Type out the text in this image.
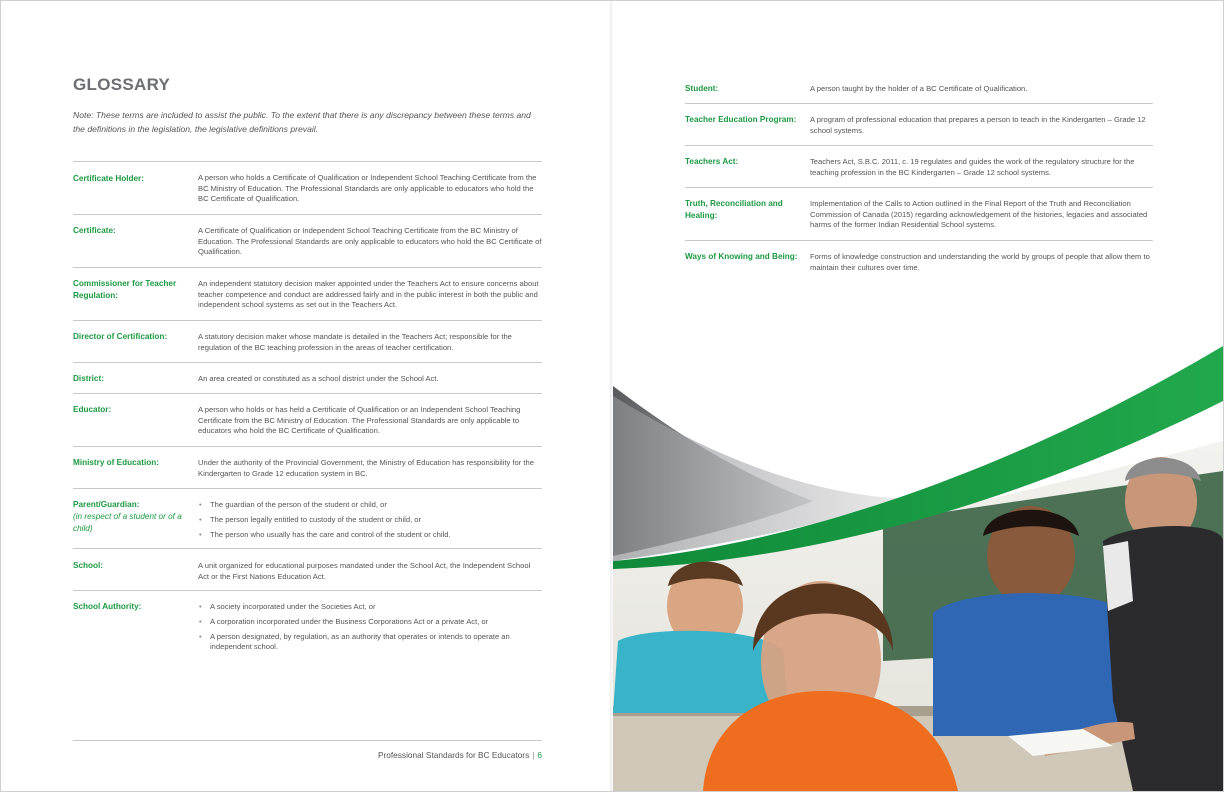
GLOSSARY
Note: These terms are included to assist the public. To the extent that there is any discrepancy between these terms and the definitions in the legislation, the legislative definitions prevail.
Certificate Holder:	A person who holds a Certificate of Qualification or Independent School Teaching Certificate from the BC Ministry of Education. The Professional Standards are only applicable to educators who hold the BC Certificate of Qualification.
Certificate:	A Certificate of Qualification or Independent School Teaching Certificate from the BC Ministry of Education. The Professional Standards are only applicable to educators who hold the BC Certificate of Qualification.
Commissioner for Teacher Regulation:
An independent statutory decision maker appointed under the Teachers Act to ensure concerns about teacher competence and conduct are addressed fairly and in the public interest in both the public and independent school systems as set out in the Teachers Act.
Director of Certification:	A statutory decision maker whose mandate is detailed in the Teachers Act; responsible for the regulation of the BC teaching profession in the areas of teacher certification.
District:	An area created or constituted as a school district under the School Act.
Educator:	A person who holds or has held a Certificate of Qualification or an Independent School Teaching Certificate from the BC Ministry of Education. The Professional Standards are only applicable to educators who hold the BC Certificate of Qualification.
Ministry of Education:	Under the authority of the Provincial Government, the Ministry of Education has responsibility for the Kindergarten to Grade 12 education system in BC.
Parent/Guardian:
(in respect of a student or of a child)
• The guardian of the person of the student or child, or
• The person legally entitled to custody of the student or child, or
• The person who usually has the care and control of the student or child.
School:	A unit organized for educational purposes mandated under the School Act, the Independent School Act or the First Nations Education Act.
School Authority:
•	A society incorporated under the Societies Act, or
• A corporation incorporated under the Business Corporations Act or a private Act, or
• A person designated, by regulation, as an authority that operates or intends to operate an independent school.
Professional Standards for BC Educators | 6
Student:	A person taught by the holder of a BC Certificate of Qualification.
Teacher Education Program:	A program of professional education that prepares a person to teach in the Kindergarten – Grade 12 school systems.
Teachers Act:	Teachers Act, S.B.C. 2011, c. 19 regulates and guides the work of the regulatory structure for the teaching profession in the BC Kindergarten – Grade 12 school systems.
Truth, Reconciliation and Healing:
Implementation of the Calls to Action outlined in the Final Report of the Truth and Reconciliation Commission of Canada (2015) regarding acknowledgement of the histories, legacies and associated harms of the former Indian Residential School systems.
Ways of Knowing and Being:	Forms of knowledge construction and understanding the world by groups of people that allow them to maintain their cultures over time.
